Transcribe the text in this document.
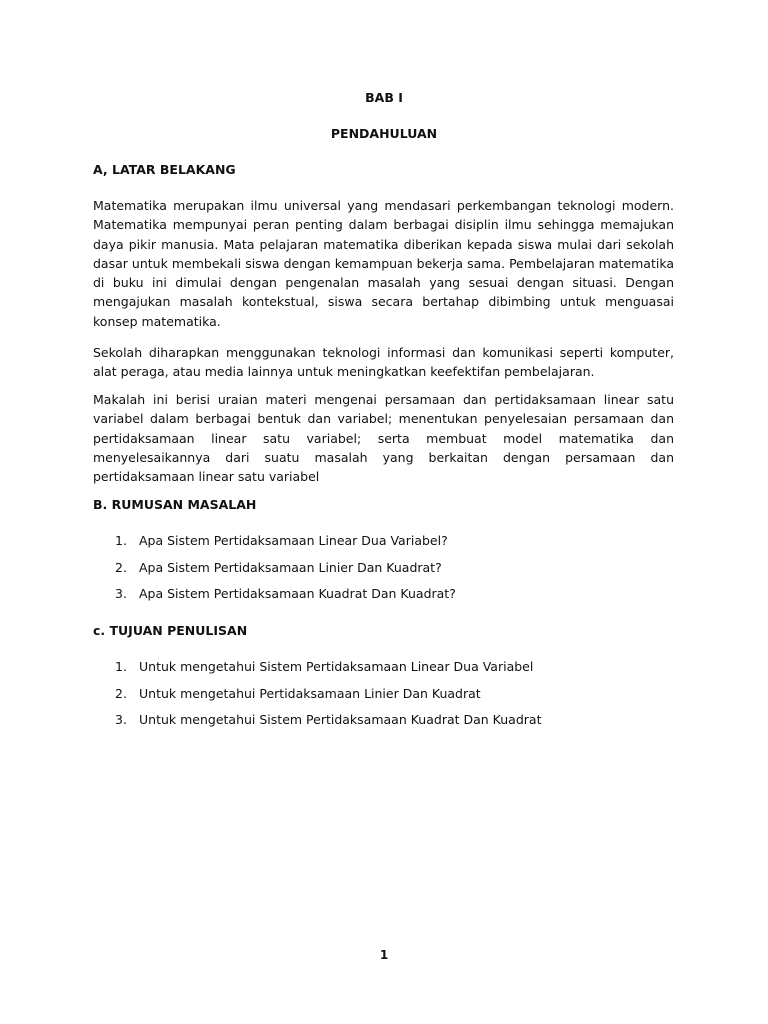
BAB I
PENDAHULUAN
A, LATAR BELAKANG
Matematika merupakan ilmu universal yang mendasari perkembangan teknologi modern. Matematika mempunyai peran penting dalam berbagai disiplin ilmu sehingga memajukan daya pikir manusia. Mata pelajaran matematika diberikan kepada siswa mulai dari sekolah dasar untuk membekali siswa dengan kemampuan bekerja sama. Pembelajaran matematika di buku ini dimulai dengan pengenalan masalah yang sesuai dengan situasi. Dengan mengajukan masalah kontekstual, siswa secara bertahap dibimbing untuk menguasai konsep matematika.
Sekolah diharapkan menggunakan teknologi informasi dan komunikasi seperti komputer, alat peraga, atau media lainnya untuk meningkatkan keefektifan pembelajaran.
Makalah ini berisi uraian materi mengenai persamaan dan pertidaksamaan linear satu variabel dalam berbagai bentuk dan variabel; menentukan penyelesaian persamaan dan pertidaksamaan linear satu variabel; serta membuat model matematika dan menyelesaikannya dari suatu masalah yang berkaitan dengan persamaan dan pertidaksamaan linear satu variabel
B. RUMUSAN MASALAH
1. Apa Sistem Pertidaksamaan Linear Dua Variabel?
2. Apa Sistem Pertidaksamaan Linier Dan Kuadrat?
3. Apa Sistem Pertidaksamaan Kuadrat Dan Kuadrat?
c. TUJUAN PENULISAN
1. Untuk mengetahui Sistem Pertidaksamaan Linear Dua Variabel
2. Untuk mengetahui Pertidaksamaan Linier Dan Kuadrat
3. Untuk mengetahui Sistem Pertidaksamaan Kuadrat Dan Kuadrat
1
